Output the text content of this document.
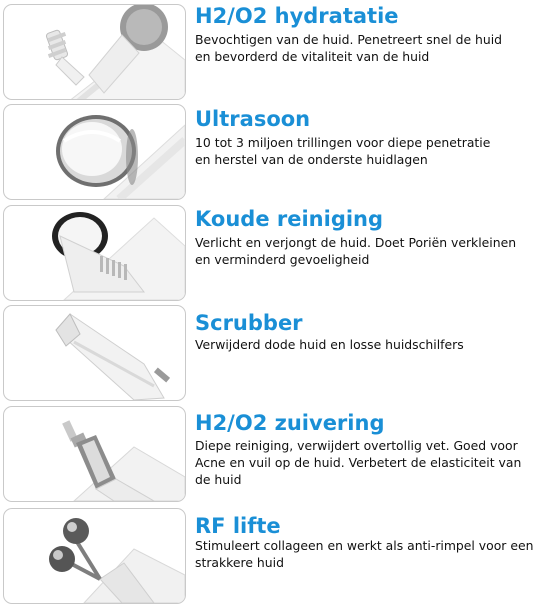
H2/O2 hydratatie

Bevochtigen van de huid. Penetreert snel de huid

en bevorderd de vitaliteit van de huid

Ultrasoon

10 tot 3 miljoen trillingen voor diepe penetratie

en herstel van de onderste huidlagen

Koude reiniging

Verlicht en verjongt de huid. Doet Poriën verkleinen

en verminderd gevoeligheid

Scrubber

Verwijderd dode huid en losse huidschilfers

H2/O2 zuivering

Diepe reiniging, verwijdert overtollig vet. Goed voor

Acne en vuil op de huid. Verbetert de elasticiteit van

de huid

RF lifte

Stimuleert collageen en werkt als anti-rimpel voor een

strakkere huid
